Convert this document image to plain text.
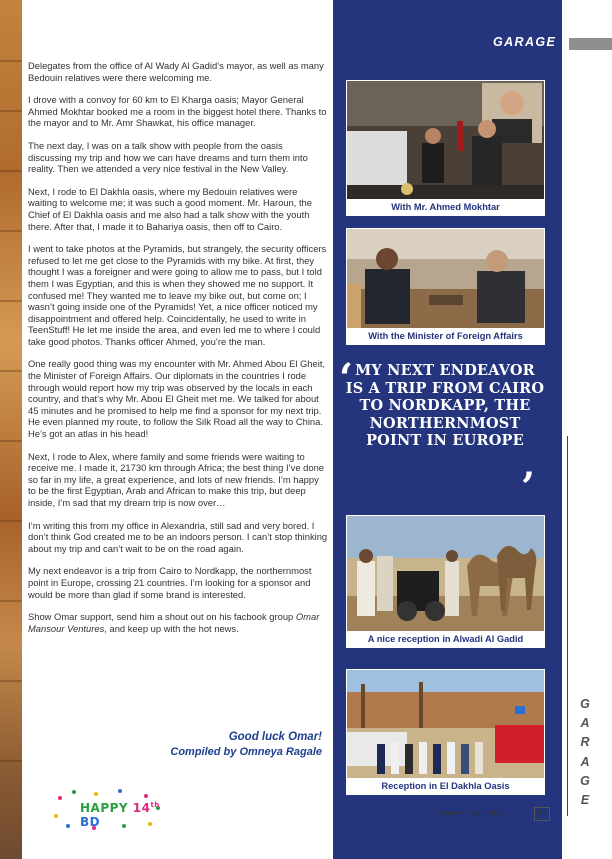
Delegates from the office of Al Wady Al Gadid’s mayor, as well as many Bedouin relatives were there welcoming me.

I drove with a convoy for 60 km to El Kharga oasis; Mayor General Ahmed Mokhtar booked me a room in the biggest hotel there. Thanks to the mayor and to Mr. Amr Shawkat, his office manager.

The next day, I was on a talk show with people from the oasis discussing my trip and how we can have dreams and turn them into reality. Then we attended a very nice festival in the New Valley.

Next, I rode to El Dakhla oasis, where my Bedouin relatives were waiting to welcome me; it was such a good moment. Mr. Haroun, the Chief of El Dakhla oasis and me also had a talk show with the youth there. After that, I made it to Bahariya oasis, then off to Cairo.

I went to take photos at the Pyramids, but strangely, the security officers refused to let me get close to the Pyramids with my bike. At first, they thought I was a foreigner and were going to allow me to pass, but I told them I was Egyptian, and this is when they showed me no support. It confused me! They wanted me to leave my bike out, but come on; I wasn’t going inside one of the Pyramids! Yet, a nice officer noticed my disappointment and offered help. Coincidentally, he used to write in TeenStuff! He let me inside the area, and even led me to where I could take good photos. Thanks officer Ahmed, you’re the man.

One really good thing was my encounter with Mr. Ahmed Abou El Gheit, the Minister of Foreign Affairs. Our diplomats in the countries I rode through would report how my trip was observed by the locals in each country, and that’s why Mr. Abou El Gheit met me. We talked for about 45 minutes and he promised to help me find a sponsor for my next trip. He even planned my route, to follow the Silk Road all the way to China. He’s got an atlas in his head!

Next, I rode to Alex, where family and some friends were waiting to receive me. I made it, 21730 km through Africa; the best thing I’ve done so far in my life, a great experience, and lots of new friends. I’m happy to be the first Egyptian, Arab and African to make this trip, but deep inside, I’m sad that my dream trip is now over…

I’m writing this from my office in Alexandria, still sad and very bored. I don’t think God created me to be an indoors person. I can’t stop thinking about my trip and can’t wait to be on the road again.

My next endeavor is a trip from Cairo to Nordkapp, the northernmost point in Europe, crossing 21 countries. I’m looking for a sponsor and would be more than glad if some brand is interested.

Show Omar support, send him a shout out on his facbook group Omar Mansour Ventures, and keep up with the hot news.

Good luck Omar!
Compiled by Omneya Ragale
HAPPY 14th BD
GARAGE
With Mr. Ahmed Mokhtar
With the Minister of Foreign Affairs
‘ MY NEXT ENDEAVOR IS A TRIP FROM CAIRO TO NORDKAPP, THE NORTHERNMOST POINT IN EUROPE
’
A nice reception in Alwadi Al Gadid
Reception in El Dakhla Oasis
G
A
R
A
G
E
TeenStuff | April 2010	91
